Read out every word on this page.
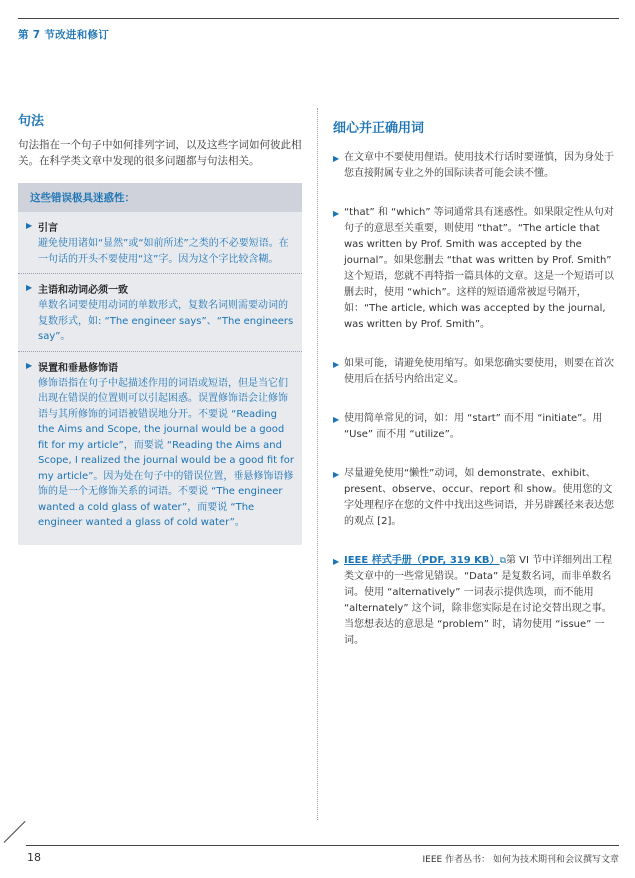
第 7 节改进和修订
句法
句法指在一个句子中如何排列字词，以及这些字词如何彼此相关。在科学类文章中发现的很多问题都与句法相关。
这些错误极具迷惑性：
▶ 引言
避免使用诸如“显然”或“如前所述”之类的不必要短语。在一句话的开头不要使用“这”字。因为这个字比较含糊。
▶ 主语和动词必须一致
单数名词要使用动词的单数形式，复数名词则需要动词的复数形式，如: “The engineer says”、“The engineers say”。
▶ 误置和垂悬修饰语
修饰语指在句子中起描述作用的词语或短语，但是当它们出现在错误的位置则可以引起困惑。误置修饰语会让修饰语与其所修饰的词语被错误地分开。不要说 “Reading the Aims and Scope, the journal would be a good fit for my article”，而要说 “Reading the Aims and Scope, I realized the journal would be a good fit for my article”。因为处在句子中的错误位置，垂悬修饰语修饰的是一个无修饰关系的词语。不要说 “The engineer wanted a cold glass of water”，而要说 “The engineer wanted a glass of cold water”。
细心并正确用词
▶ 在文章中不要使用俚语。使用技术行话时要谨慎，因为身处于您直接附属专业之外的国际读者可能会读不懂。
▶ “that” 和 “which” 等词通常具有迷惑性。如果限定性从句对句子的意思至关重要，则使用 “that”。“The article that was written by Prof. Smith was accepted by the journal”。如果您删去 “that was written by Prof. Smith” 这个短语，您就不再特指一篇具体的文章。这是一个短语可以删去时，使用 “which”。这样的短语通常被逗号隔开，如：“The article, which was accepted by the journal, was written by Prof. Smith”。
▶ 如果可能，请避免使用缩写。如果您确实要使用，则要在首次使用后在括号内给出定义。
▶ 使用简单常见的词，如：用 “start” 而不用 “initiate”。用 “Use” 而不用 “utilize”。
▶ 尽量避免使用“懒性”动词，如 demonstrate、exhibit、present、observe、occur、report 和 show。使用您的文字处理程序在您的文件中找出这些词语，并另辟蹊径来表达您的观点 [2]。
▶ IEEE 样式手册（PDF, 319 KB）⧉第 VI 节中详细列出工程类文章中的一些常见错误。“Data” 是复数名词，而非单数名词。使用 “alternatively” 一词表示提供选项，而不能用 “alternately” 这个词，除非您实际是在讨论交替出现之事。当您想表达的意思是 “problem” 时，请勿使用 “issue” 一词。
18	IEEE 作者丛书： 如何为技术期刊和会议撰写文章
